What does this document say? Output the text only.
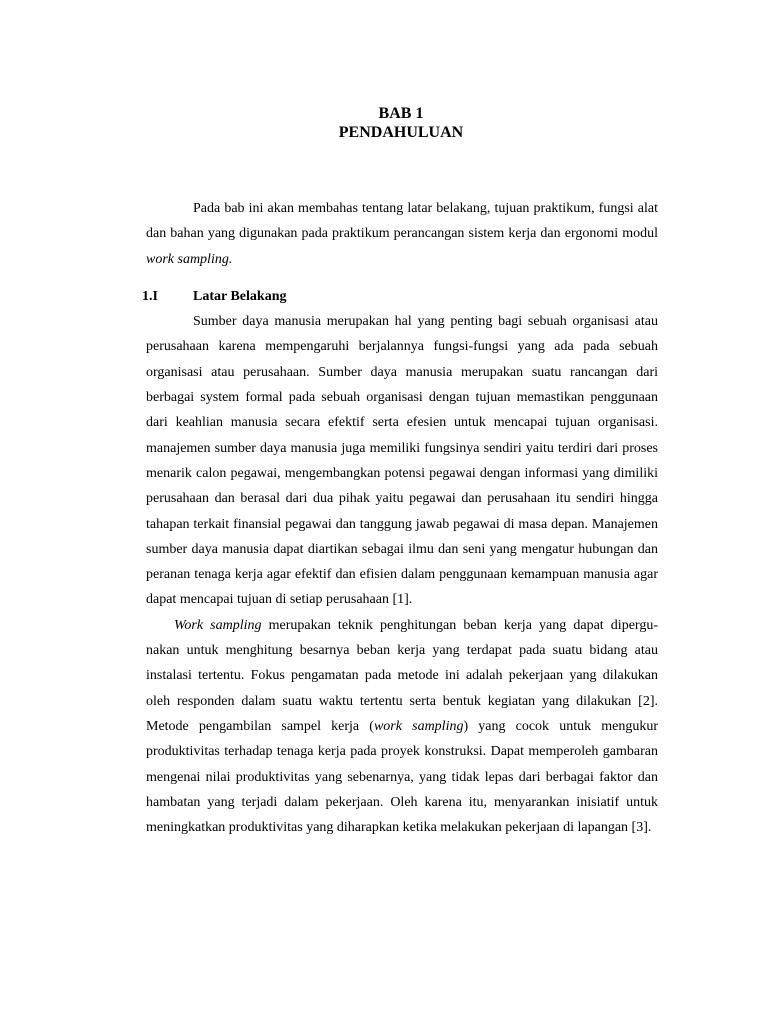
BAB 1
PENDAHULUAN

Pada bab ini akan membahas tentang latar belakang, tujuan praktikum, fungsi alat dan bahan yang digunakan pada praktikum perancangan sistem kerja dan ergonomi modul work sampling.

1.I	Latar Belakang

Sumber daya manusia merupakan hal yang penting bagi sebuah organisasi atau perusahaan karena mempengaruhi berjalannya fungsi-fungsi yang ada pada sebuah organisasi atau perusahaan. Sumber daya manusia merupakan suatu rancangan dari berbagai system formal pada sebuah organisasi dengan tujuan memastikan penggunaan dari keahlian manusia secara efektif serta efesien untuk mencapai tujuan organisasi. manajemen sumber daya manusia juga memiliki fungsinya sendiri yaitu terdiri dari proses menarik calon pegawai, mengembangkan potensi pegawai dengan informasi yang dimiliki perusahaan dan berasal dari dua pihak yaitu pegawai dan perusahaan itu sendiri hingga tahapan terkait finansial pegawai dan tanggung jawab pegawai di masa depan. Manajemen sumber daya manusia dapat diartikan sebagai ilmu dan seni yang mengatur hubungan dan peranan tenaga kerja agar efektif dan efisien dalam penggunaan kemampuan manusia agar dapat mencapai tujuan di setiap perusahaan [1].

Work sampling merupakan teknik penghitungan beban kerja yang dapat dipergu- nakan untuk menghitung besarnya beban kerja yang terdapat pada suatu bidang atau instalasi tertentu. Fokus pengamatan pada metode ini adalah pekerjaan yang dilakukan oleh responden dalam suatu waktu tertentu serta bentuk kegiatan yang dilakukan [2]. Metode pengambilan sampel kerja (work sampling) yang cocok untuk mengukur produktivitas terhadap tenaga kerja pada proyek konstruksi. Dapat memperoleh gambaran mengenai nilai produktivitas yang sebenarnya, yang tidak lepas dari berbagai faktor dan hambatan yang terjadi dalam pekerjaan. Oleh karena itu, menyarankan inisiatif untuk meningkatkan produktivitas yang diharapkan ketika melakukan pekerjaan di lapangan [3].
